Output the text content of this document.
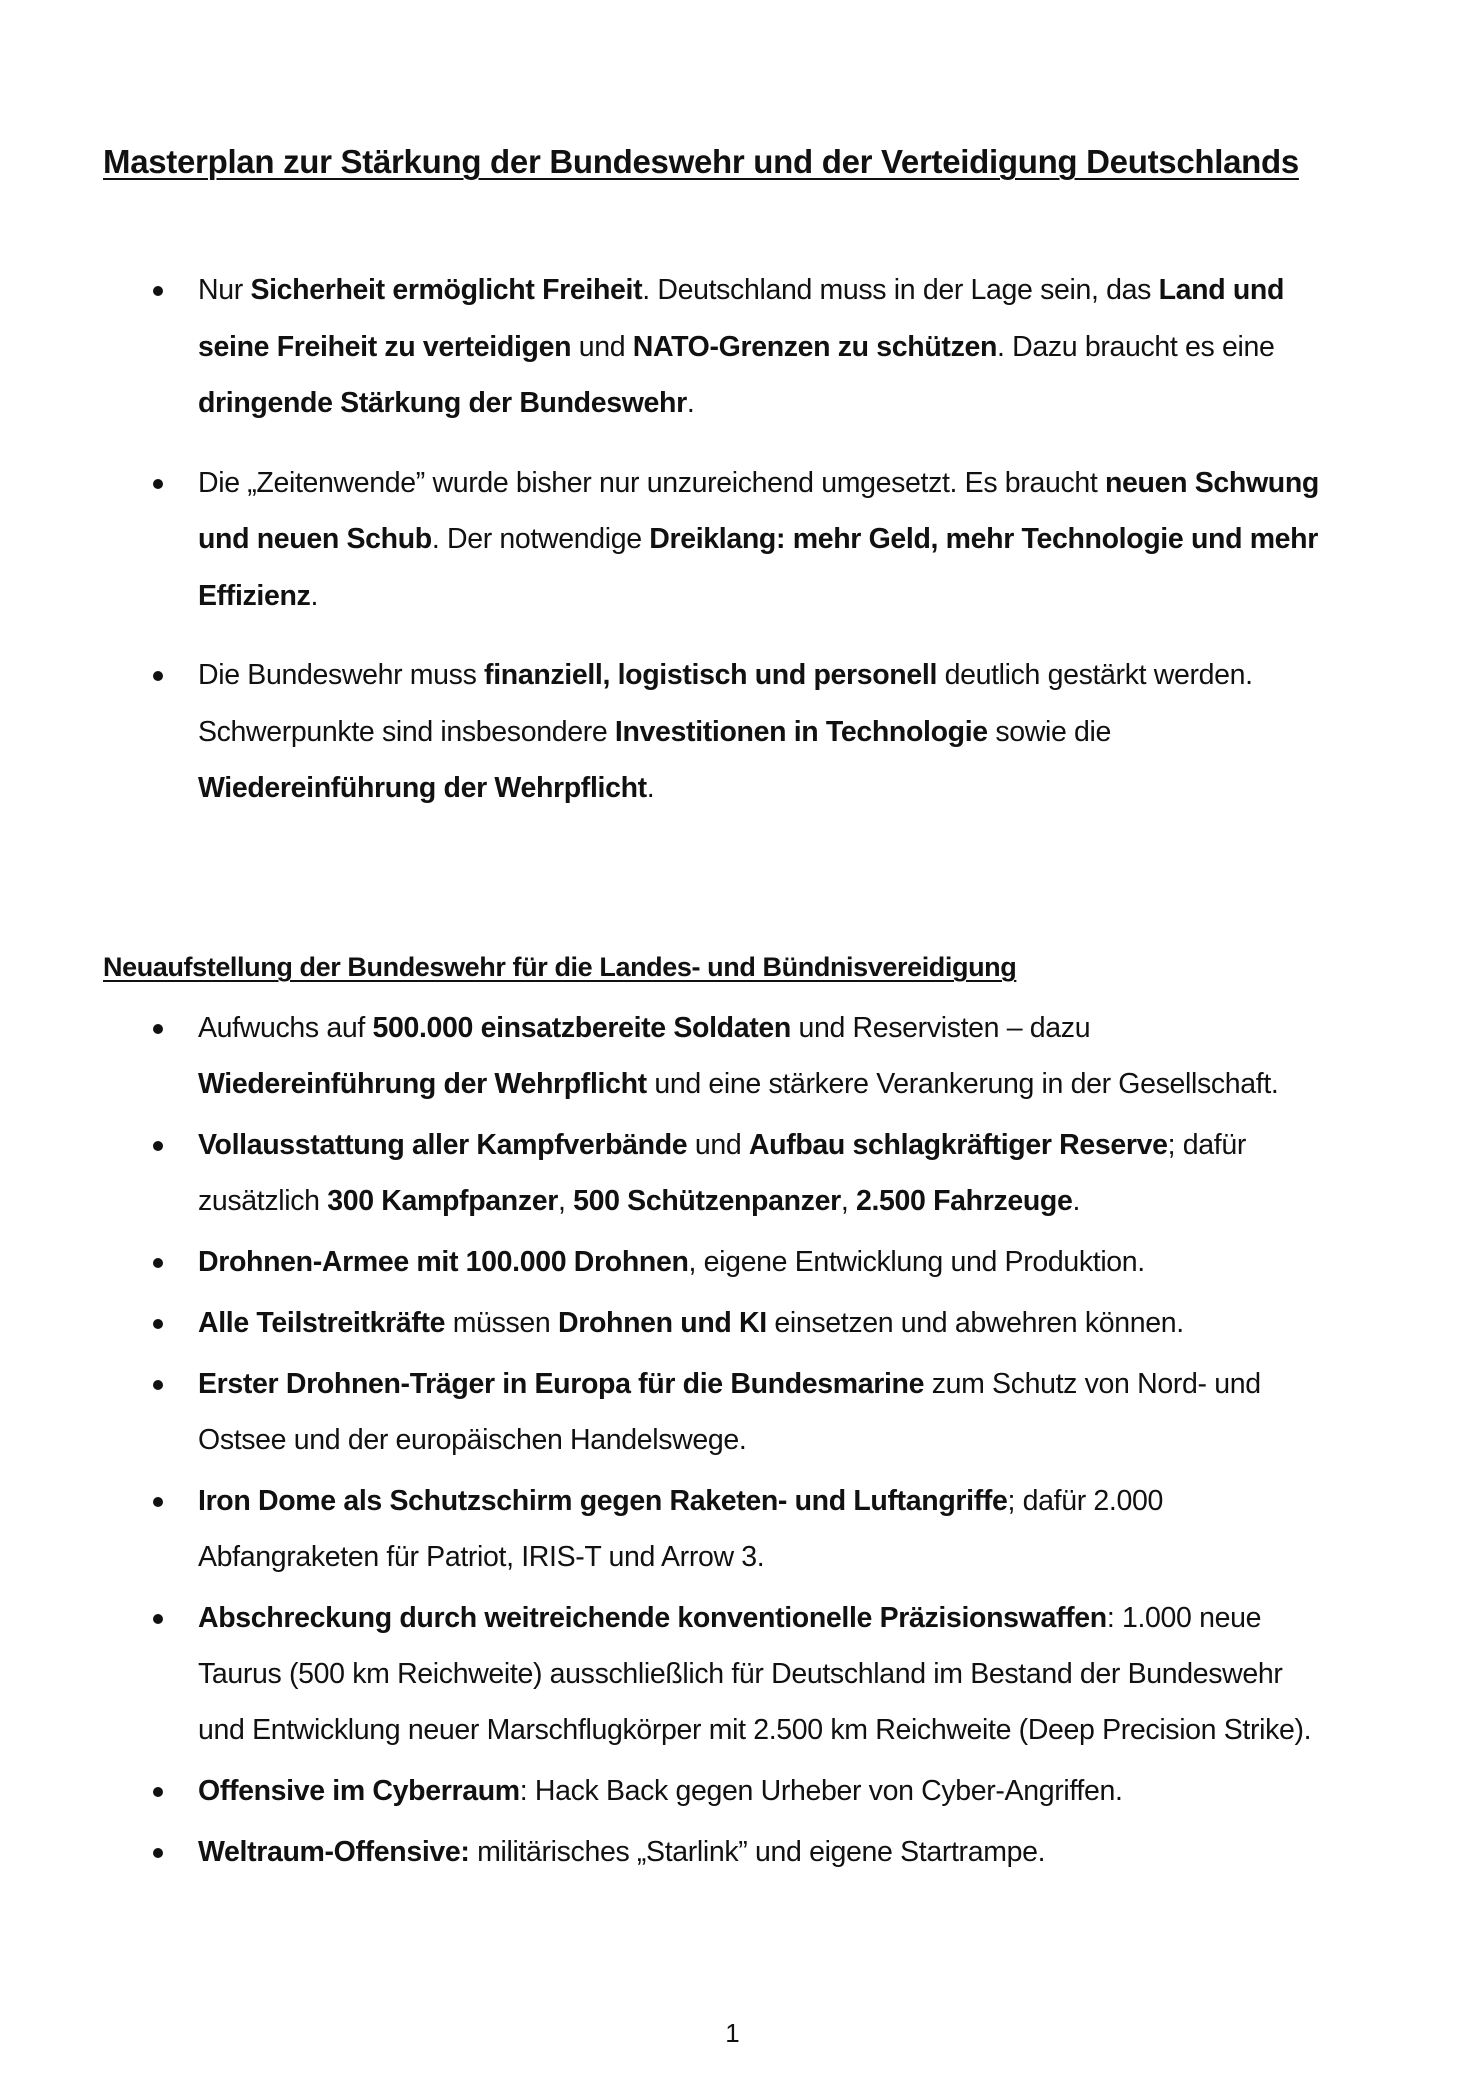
Masterplan zur Stärkung der Bundeswehr und der Verteidigung Deutschlands
Nur Sicherheit ermöglicht Freiheit. Deutschland muss in der Lage sein, das Land und seine Freiheit zu verteidigen und NATO-Grenzen zu schützen. Dazu braucht es eine dringende Stärkung der Bundeswehr.
Die „Zeitenwende” wurde bisher nur unzureichend umgesetzt. Es braucht neuen Schwung und neuen Schub. Der notwendige Dreiklang: mehr Geld, mehr Technologie und mehr Effizienz.
Die Bundeswehr muss finanziell, logistisch und personell deutlich gestärkt werden. Schwerpunkte sind insbesondere Investitionen in Technologie sowie die Wiedereinführung der Wehrpflicht.
Neuaufstellung der Bundeswehr für die Landes- und Bündnisvereidigung
Aufwuchs auf 500.000 einsatzbereite Soldaten und Reservisten – dazu Wiedereinführung der Wehrpflicht und eine stärkere Verankerung in der Gesellschaft.
Vollausstattung aller Kampfverbände und Aufbau schlagkräftiger Reserve; dafür zusätzlich 300 Kampfpanzer, 500 Schützenpanzer, 2.500 Fahrzeuge.
Drohnen-Armee mit 100.000 Drohnen, eigene Entwicklung und Produktion.
Alle Teilstreitkräfte müssen Drohnen und KI einsetzen und abwehren können.
Erster Drohnen-Träger in Europa für die Bundesmarine zum Schutz von Nord- und Ostsee und der europäischen Handelswege.
Iron Dome als Schutzschirm gegen Raketen- und Luftangriffe; dafür 2.000 Abfangraketen für Patriot, IRIS-T und Arrow 3.
Abschreckung durch weitreichende konventionelle Präzisionswaffen: 1.000 neue Taurus (500 km Reichweite) ausschließlich für Deutschland im Bestand der Bundeswehr und Entwicklung neuer Marschflugkörper mit 2.500 km Reichweite (Deep Precision Strike).
Offensive im Cyberraum: Hack Back gegen Urheber von Cyber-Angriffen.
Weltraum-Offensive: militärisches „Starlink” und eigene Startrampe.
1
